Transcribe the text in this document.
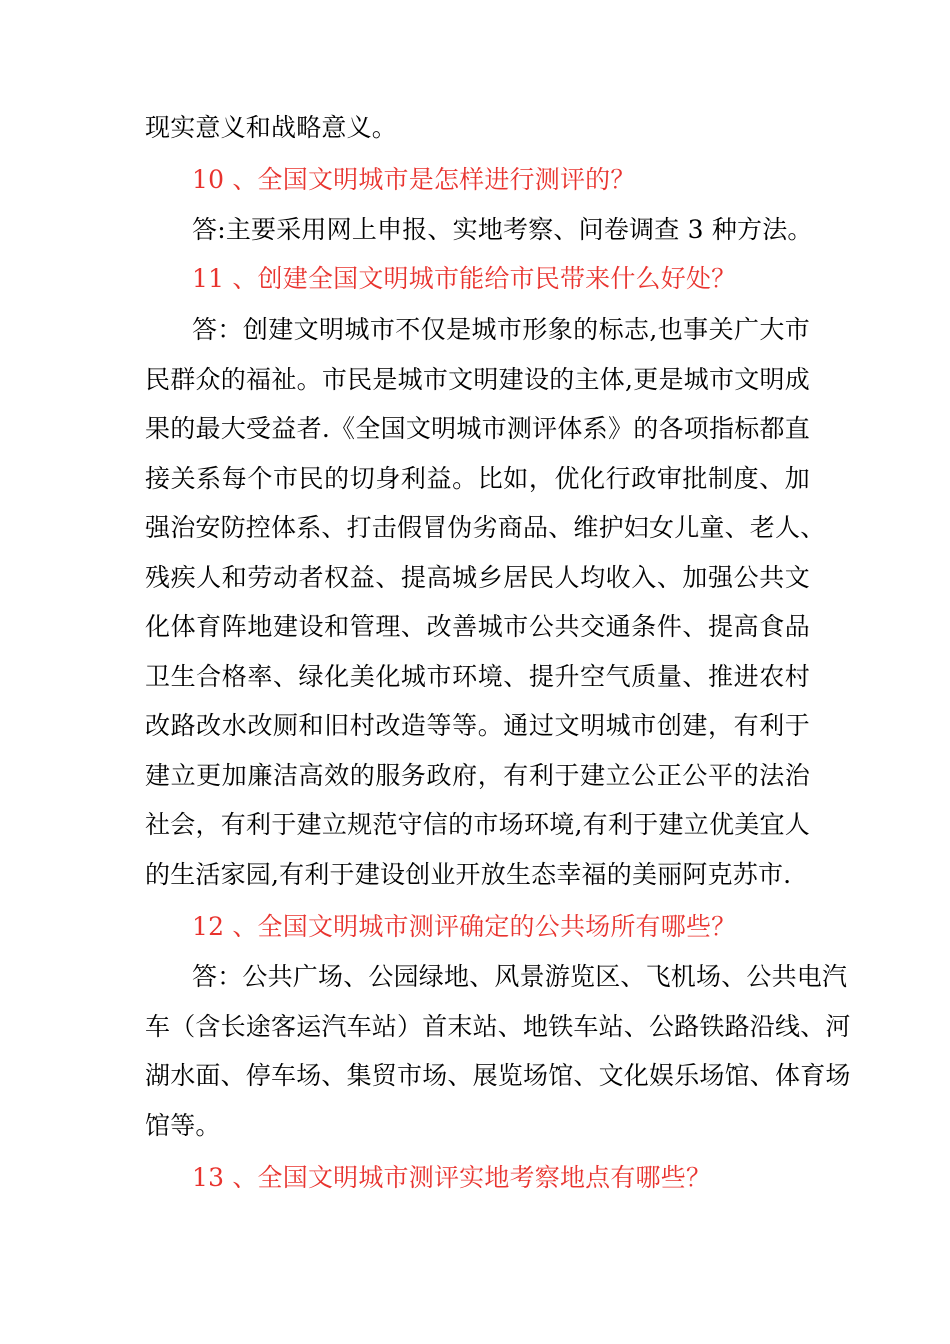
现实意义和战略意义。
10 、全国文明城市是怎样进行测评的？
答:主要采用网上申报、实地考察、问卷调查 3 种方法。
11 、创建全国文明城市能给市民带来什么好处？
答：创建文明城市不仅是城市形象的标志,也事关广大市
民群众的福祉。市民是城市文明建设的主体,更是城市文明成
果的最大受益者.《全国文明城市测评体系》的各项指标都直
接关系每个市民的切身利益。比如，优化行政审批制度、加
强治安防控体系、打击假冒伪劣商品、维护妇女儿童、老人、
残疾人和劳动者权益、提高城乡居民人均收入、加强公共文
化体育阵地建设和管理、改善城市公共交通条件、提高食品
卫生合格率、绿化美化城市环境、提升空气质量、推进农村
改路改水改厕和旧村改造等等。通过文明城市创建，有利于
建立更加廉洁高效的服务政府，有利于建立公正公平的法治
社会，有利于建立规范守信的市场环境,有利于建立优美宜人
的生活家园,有利于建设创业开放生态幸福的美丽阿克苏市.
12 、全国文明城市测评确定的公共场所有哪些？
答：公共广场、公园绿地、风景游览区、飞机场、公共电汽
车（含长途客运汽车站）首末站、地铁车站、公路铁路沿线、河
湖水面、停车场、集贸市场、展览场馆、文化娱乐场馆、体育场
馆等。
13 、全国文明城市测评实地考察地点有哪些？
